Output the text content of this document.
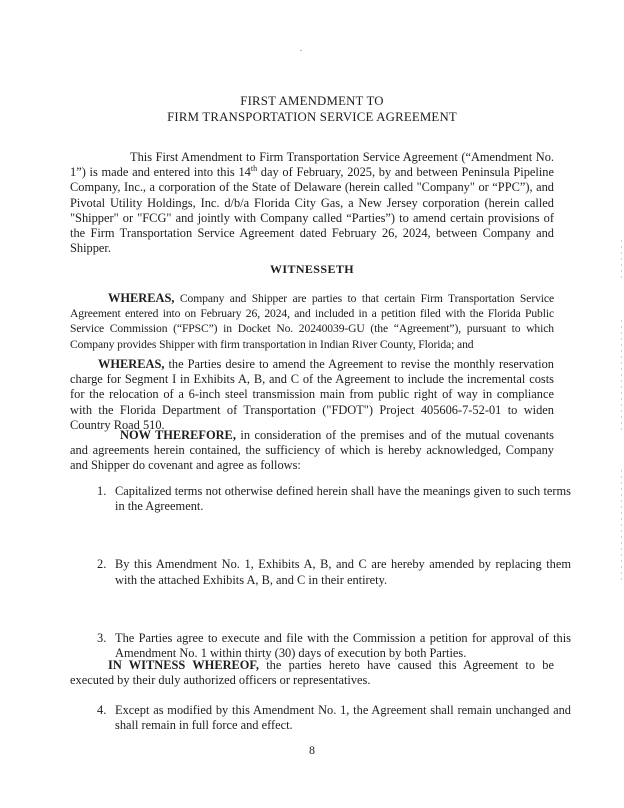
FIRST AMENDMENT TO
FIRM TRANSPORTATION SERVICE AGREEMENT
This First Amendment to Firm Transportation Service Agreement (“Amendment No. 1”) is made and entered into this 14th day of February, 2025, by and between Peninsula Pipeline Company, Inc., a corporation of the State of Delaware (herein called "Company" or “PPC”), and Pivotal Utility Holdings, Inc. d/b/a Florida City Gas, a New Jersey corporation (herein called "Shipper" or "FCG" and jointly with Company called “Parties”) to amend certain provisions of the Firm Transportation Service Agreement dated February 26, 2024, between Company and Shipper.
WITNESSETH
WHEREAS, Company and Shipper are parties to that certain Firm Transportation Service Agreement entered into on February 26, 2024, and included in a petition filed with the Florida Public Service Commission (“FPSC”) in Docket No. 20240039-GU (the “Agreement”), pursuant to which Company provides Shipper with firm transportation in Indian River County, Florida; and
WHEREAS, the Parties desire to amend the Agreement to revise the monthly reservation charge for Segment I in Exhibits A, B, and C of the Agreement to include the incremental costs for the relocation of a 6-inch steel transmission main from public right of way in compliance with the Florida Department of Transportation ("FDOT") Project 405606-7-52-01 to widen Country Road 510.
NOW THEREFORE, in consideration of the premises and of the mutual covenants and agreements herein contained, the sufficiency of which is hereby acknowledged, Company and Shipper do covenant and agree as follows:
1. Capitalized terms not otherwise defined herein shall have the meanings given to such terms in the Agreement.
2. By this Amendment No. 1, Exhibits A, B, and C are hereby amended by replacing them with the attached Exhibits A, B, and C in their entirety.
3. The Parties agree to execute and file with the Commission a petition for approval of this Amendment No. 1 within thirty (30) days of execution by both Parties.
4. Except as modified by this Amendment No. 1, the Agreement shall remain unchanged and shall remain in full force and effect.
IN WITNESS WHEREOF, the parties hereto have caused this Agreement to be executed by their duly authorized officers or representatives.
8
